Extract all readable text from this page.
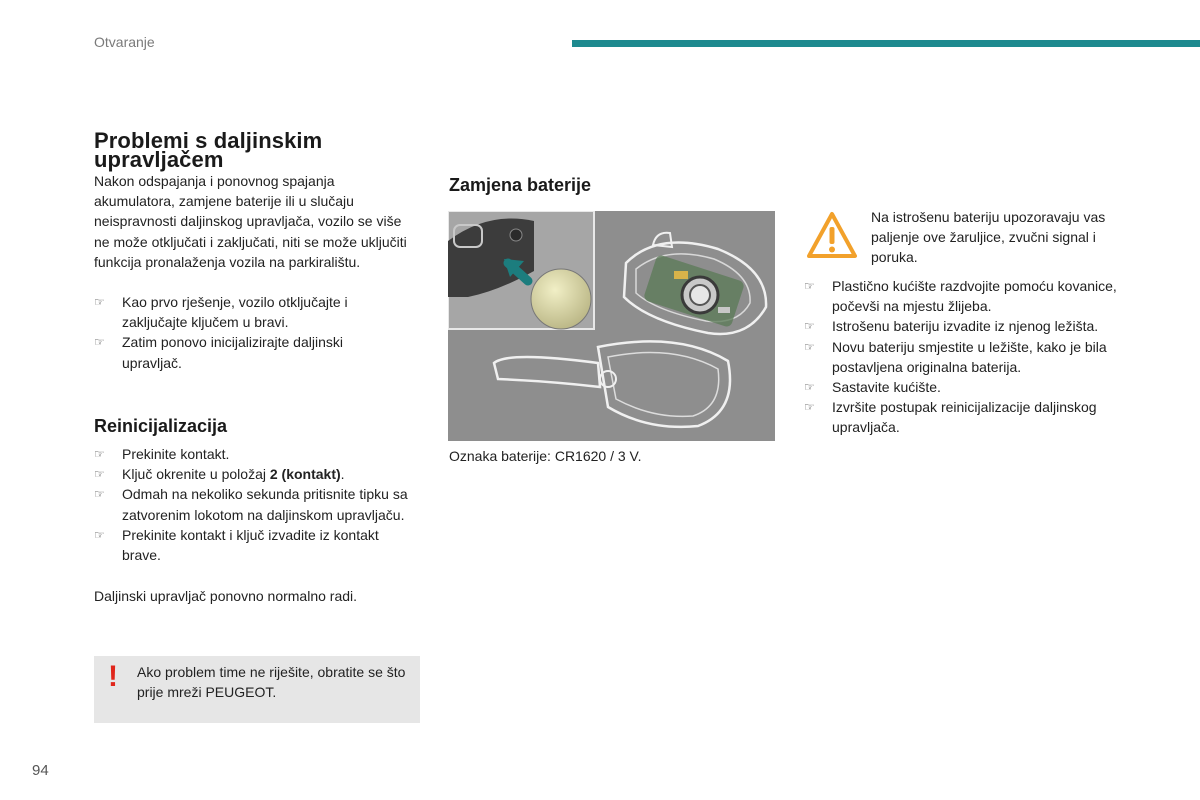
Otvaranje
Problemi s daljinskim upravljačem
Nakon odspajanja i ponovnog spajanja akumulatora, zamjene baterije ili u slučaju neispravnosti daljinskog upravljača, vozilo se više ne može otključati i zaključati, niti se može uključiti funkcija pronalaženja vozila na parkiralištu.
☞ Kao prvo rješenje, vozilo otključajte i zaključajte ključem u bravi.
☞ Zatim ponovo inicijalizirajte daljinski upravljač.
Reinicijalizacija
☞ Prekinite kontakt.
☞ Ključ okrenite u položaj 2 (kontakt).
☞ Odmah na nekoliko sekunda pritisnite tipku sa zatvorenim lokotom na daljinskom upravljaču.
☞ Prekinite kontakt i ključ izvadite iz kontakt brave.
Daljinski upravljač ponovno normalno radi.
! Ako problem time ne riješite, obratite se što prije mreži PEUGEOT.
Zamjena baterije
Oznaka baterije: CR1620 / 3 V.
Na istrošenu bateriju upozoravaju vas paljenje ove žaruljice, zvučni signal i poruka.
☞ Plastično kućište razdvojite pomoću kovanice, počevši na mjestu žlijeba.
☞ Istrošenu bateriju izvadite iz njenog ležišta.
☞ Novu bateriju smjestite u ležište, kako je bila postavljena originalna baterija.
☞ Sastavite kućište.
☞ Izvršite postupak reinicijalizacije daljinskog upravljača.
94
